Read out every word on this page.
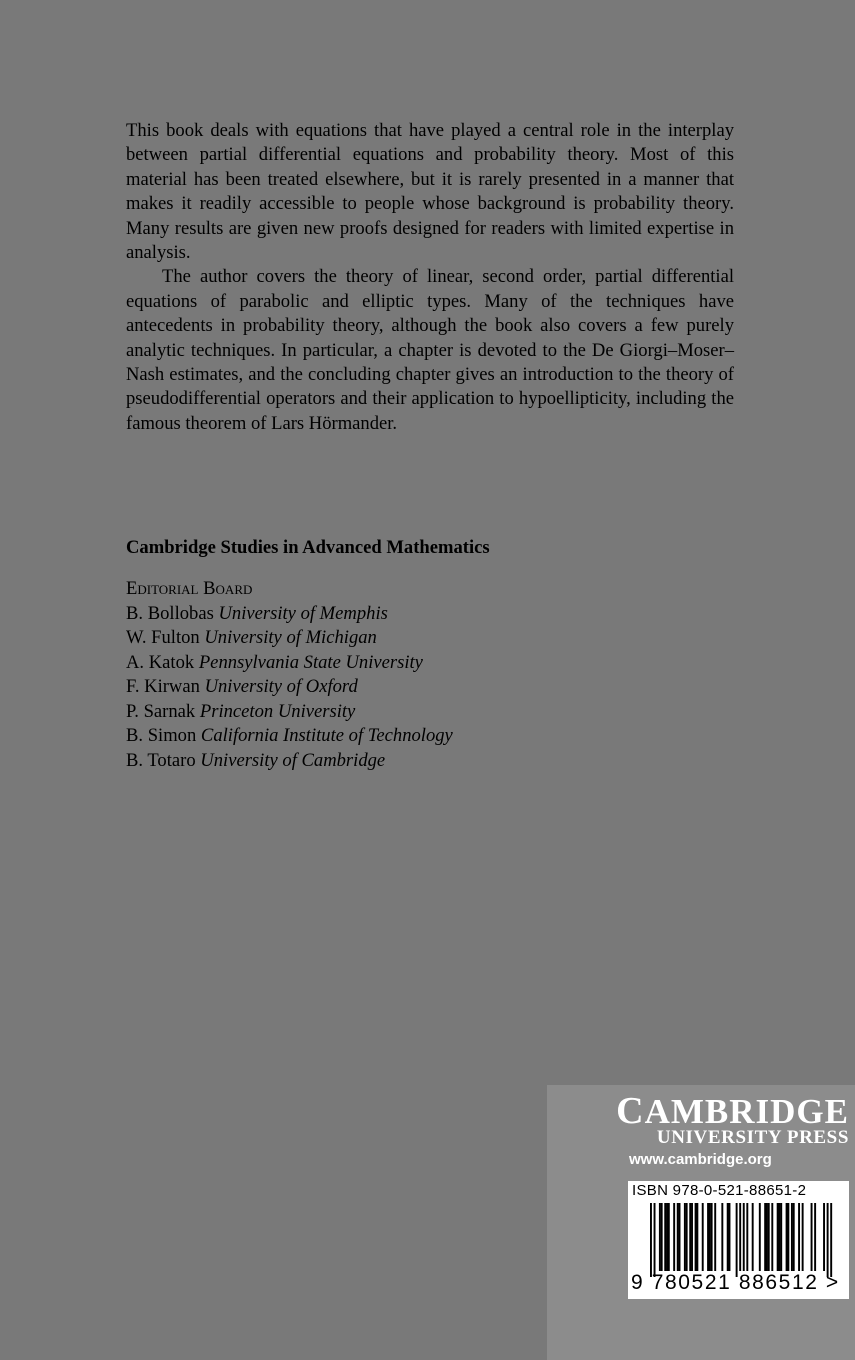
This book deals with equations that have played a central role in the interplay between partial differential equations and probability theory. Most of this material has been treated elsewhere, but it is rarely presented in a manner that makes it readily accessible to people whose background is probability theory. Many results are given new proofs designed for readers with limited expertise in analysis.

The author covers the theory of linear, second order, partial differential equations of parabolic and elliptic types. Many of the techniques have antecedents in probability theory, although the book also covers a few purely analytic techniques. In particular, a chapter is devoted to the De Giorgi–Moser–Nash estimates, and the concluding chapter gives an introduction to the theory of pseudodifferential operators and their application to hypoellipticity, including the famous theorem of Lars Hörmander.

Cambridge Studies in Advanced Mathematics
Editorial Board
B. Bollobas University of Memphis
W. Fulton University of Michigan
A. Katok Pennsylvania State University
F. Kirwan University of Oxford
P. Sarnak Princeton University
B. Simon California Institute of Technology
B. Totaro University of Cambridge
CAMBRIDGE
UNIVERSITY PRESS
www.cambridge.org
ISBN 978-0-521-88651-2
9 780521 886512 >
